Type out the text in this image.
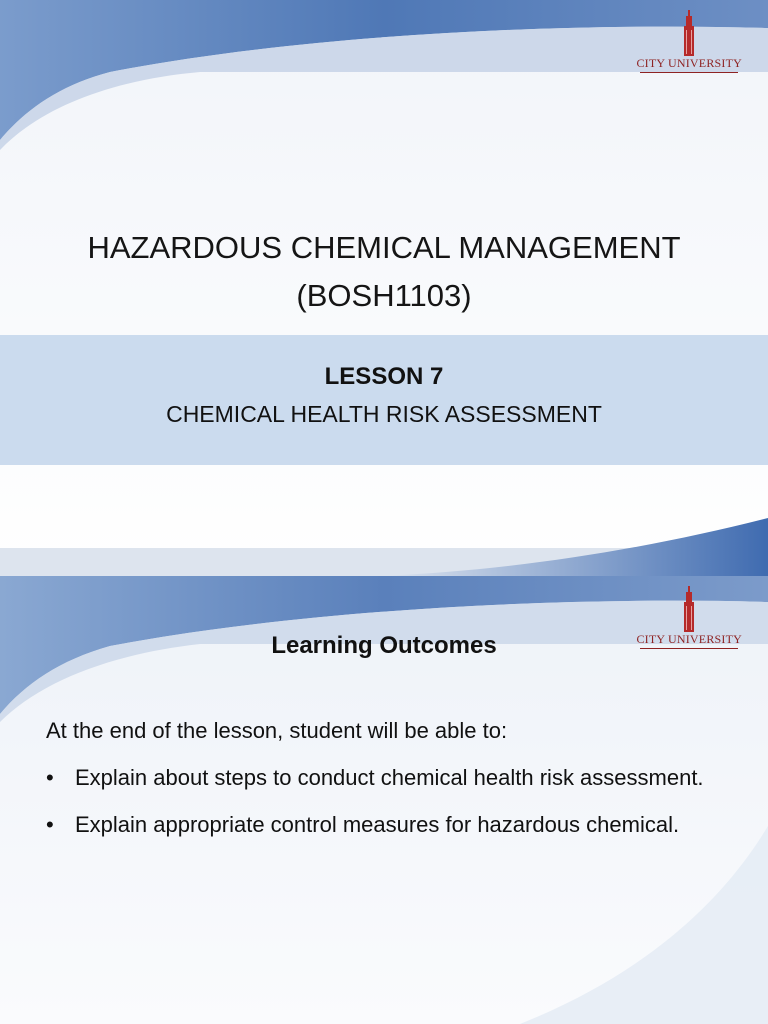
CITY UNIVERSITY
HAZARDOUS CHEMICAL MANAGEMENT
(BOSH1103)
LESSON 7
CHEMICAL HEALTH RISK ASSESSMENT
CITY UNIVERSITY
Learning Outcomes
At the end of the lesson, student will be able to:
• Explain about steps to conduct chemical health risk assessment.
• Explain appropriate control measures for hazardous chemical.
